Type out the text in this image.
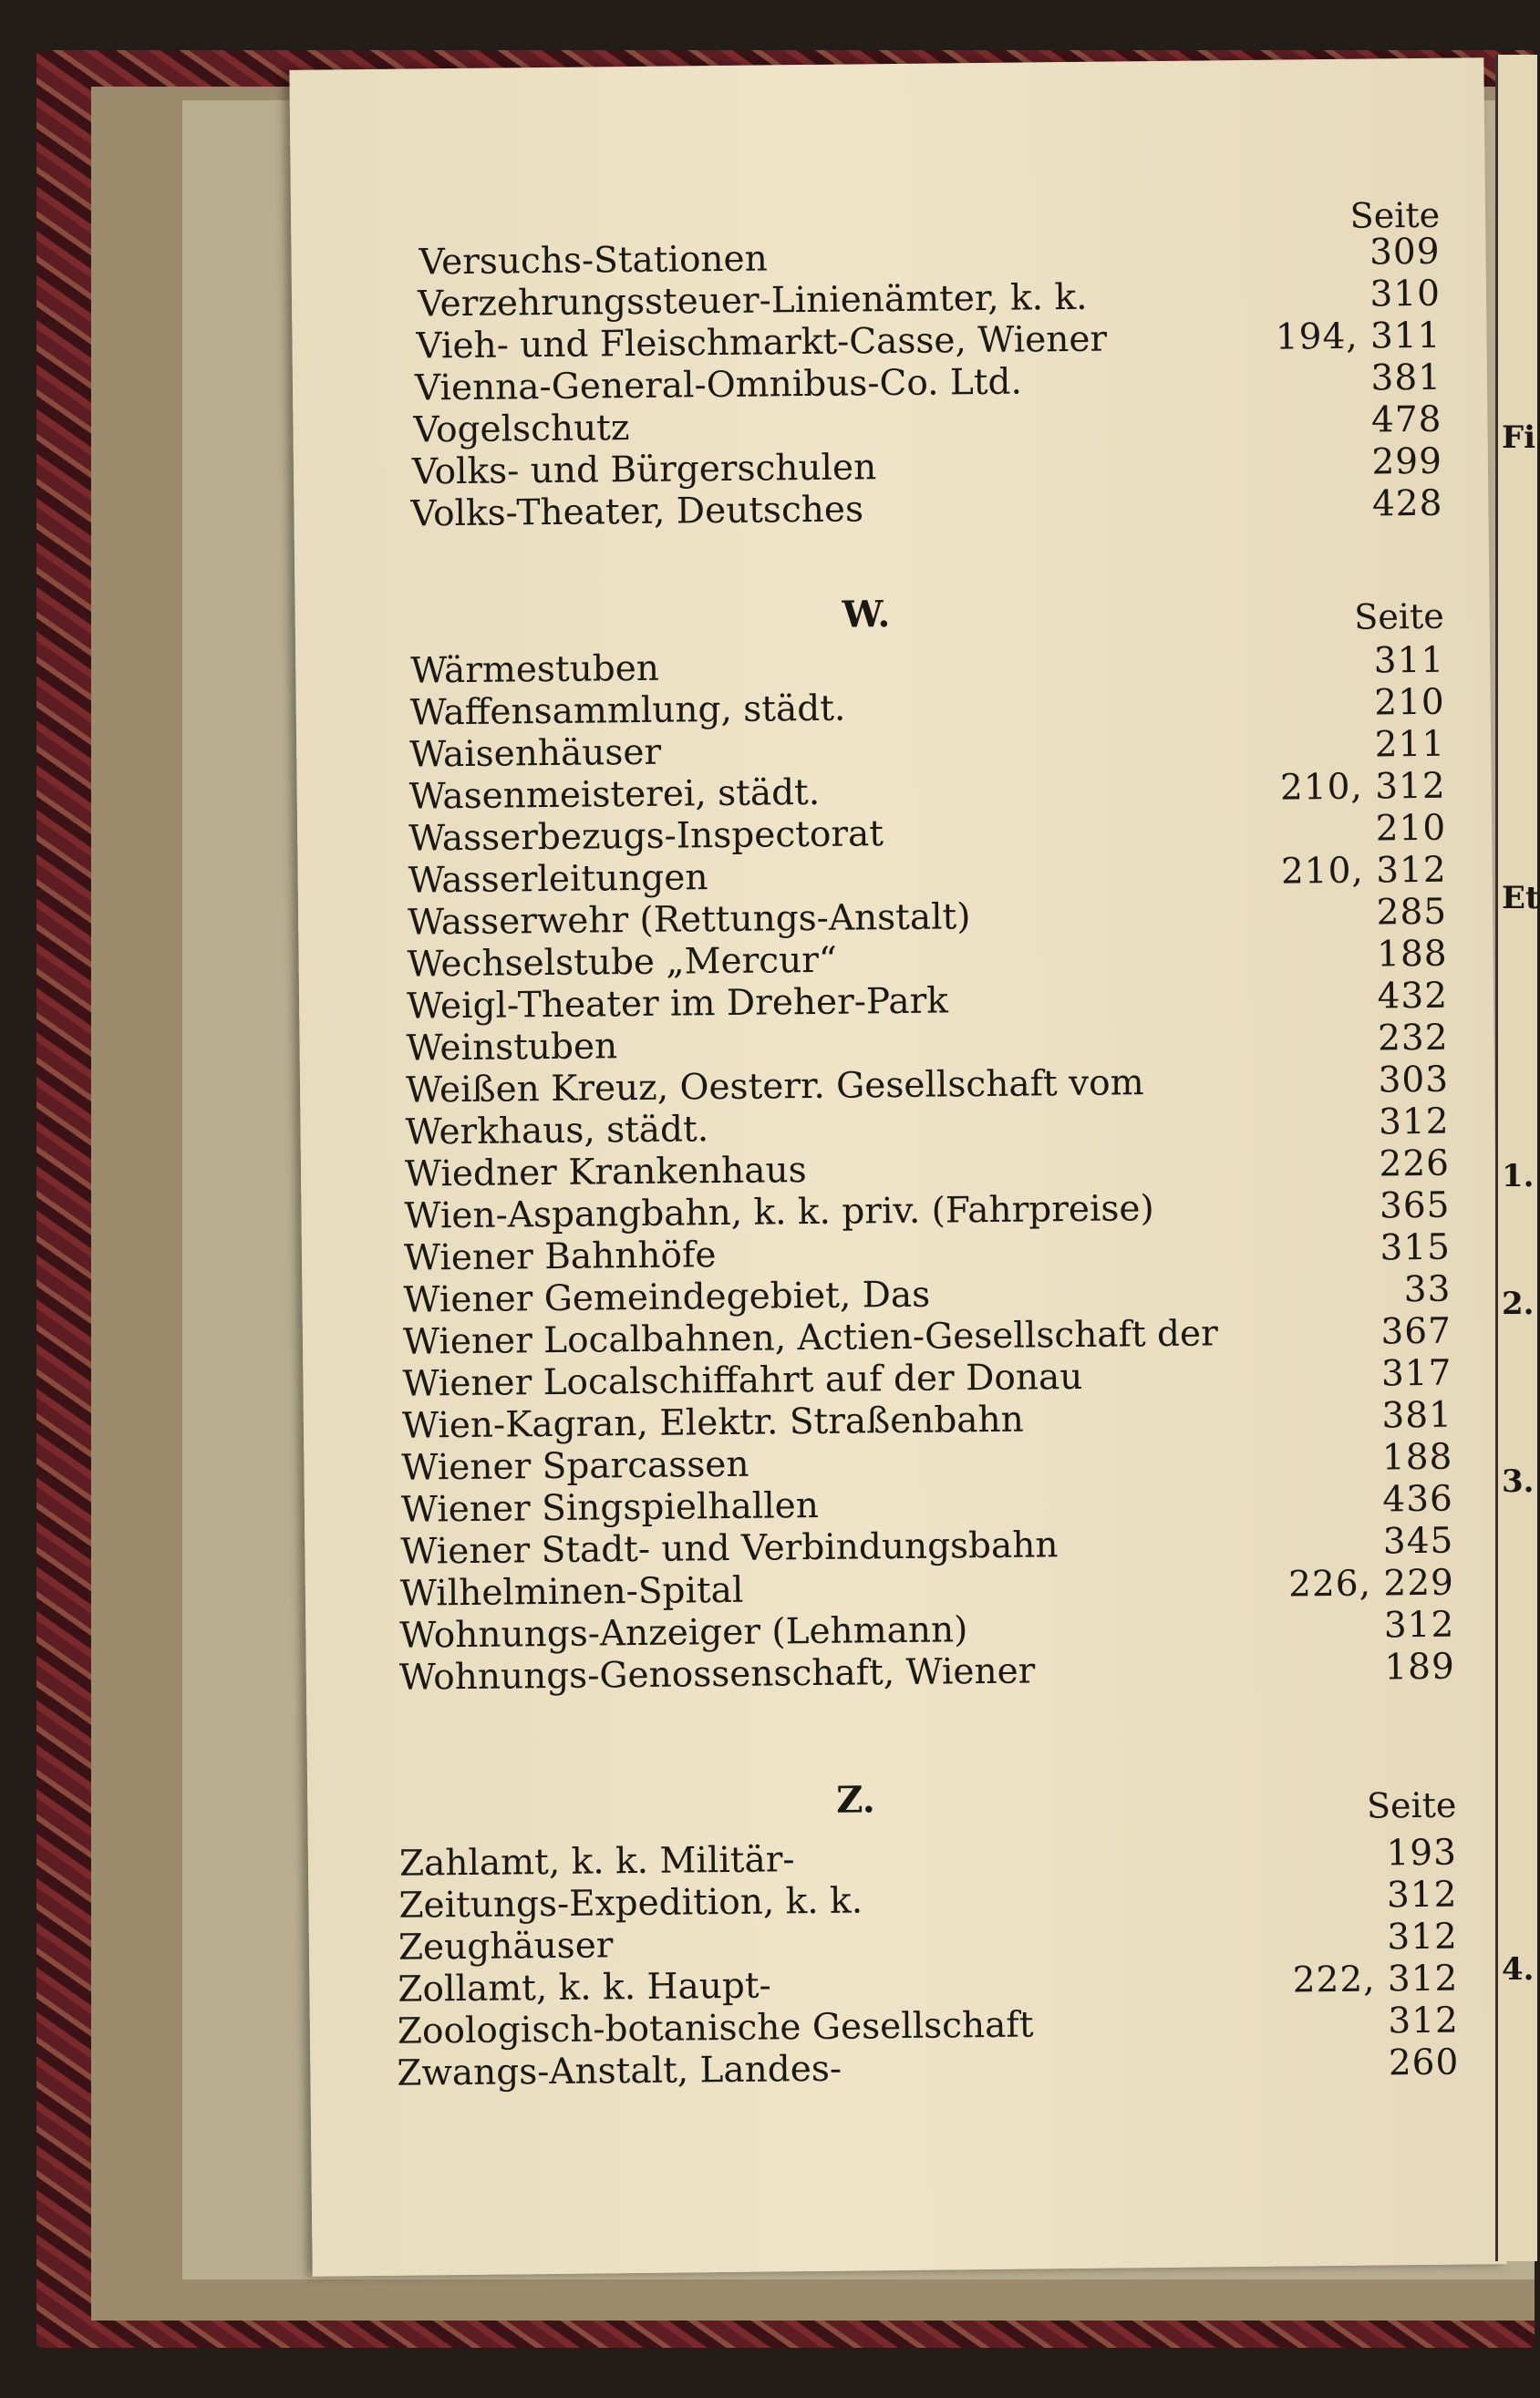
Seite
Versuchs-Stationen	309
Verzehrungssteuer-Linienämter, k. k.	310
Vieh- und Fleischmarkt-Casse, Wiener	194, 311
Vienna-General-Omnibus-Co. Ltd.	381
Vogelschutz	478
Volks- und Bürgerschulen	299
Volks-Theater, Deutsches	428
W.	Seite
Wärmestuben	311
Waffensammlung, städt.	210
Waisenhäuser	211
Wasenmeisterei, städt.	210, 312
Wasserbezugs-Inspectorat	210
Wasserleitungen	210, 312
Wasserwehr (Rettungs-Anstalt)	285
Wechselstube „Mercur“	188
Weigl-Theater im Dreher-Park	432
Weinstuben	232
Weißen Kreuz, Oesterr. Gesellschaft vom	303
Werkhaus, städt.	312
Wiedner Krankenhaus	226
Wien-Aspangbahn, k. k. priv. (Fahrpreise)	365
Wiener Bahnhöfe	315
Wiener Gemeindegebiet, Das	33
Wiener Localbahnen, Actien-Gesellschaft der	367
Wiener Localschiffahrt auf der Donau	317
Wien-Kagran, Elektr. Straßenbahn	381
Wiener Sparcassen	188
Wiener Singspielhallen	436
Wiener Stadt- und Verbindungsbahn	345
Wilhelminen-Spital	226, 229
Wohnungs-Anzeiger (Lehmann)	312
Wohnungs-Genossenschaft, Wiener	189
Z.	Seite
Zahlamt, k. k. Militär-	193
Zeitungs-Expedition, k. k.	312
Zeughäuser	312
Zollamt, k. k. Haupt-	222, 312
Zoologisch-botanische Gesellschaft	312
Zwangs-Anstalt, Landes-	260
Fi
Et
1.
2.
3.
4.
